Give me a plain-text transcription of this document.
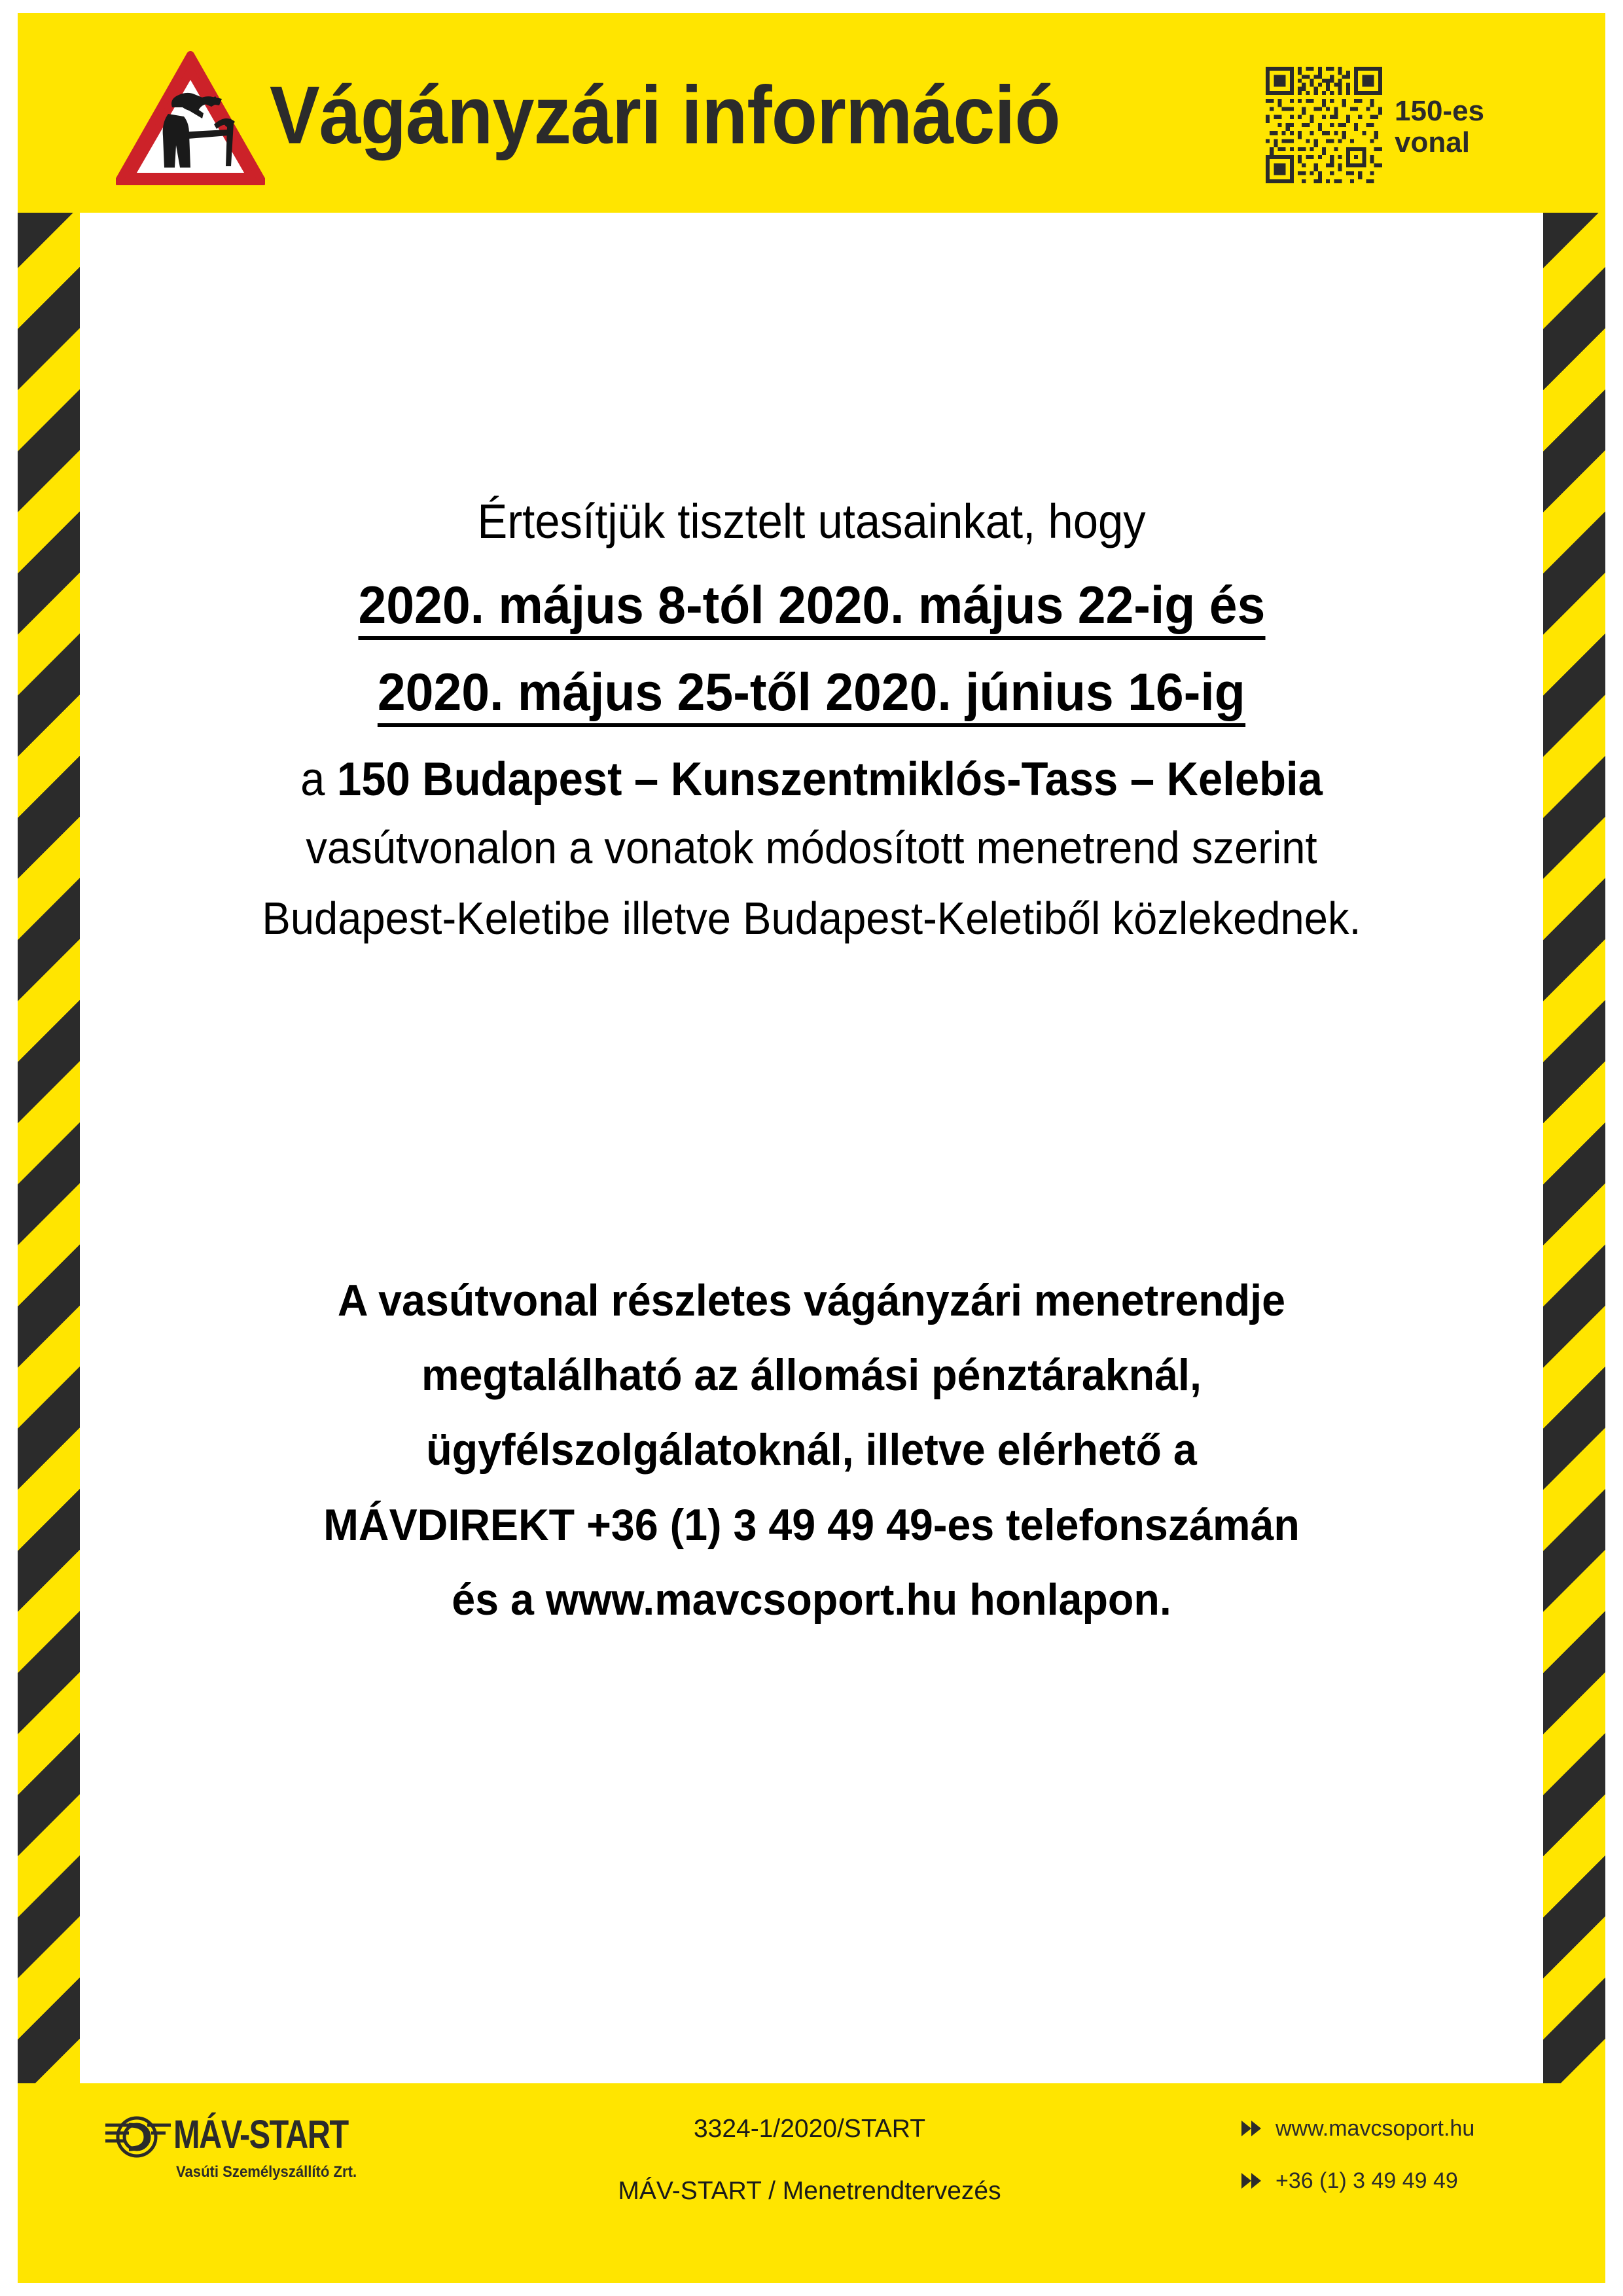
Vágányzári információ	150-es
vonal
Értesítjük tisztelt utasainkat, hogy
2020. május 8-tól 2020. május 22-ig és
2020. május 25-től 2020. június 16-ig
a 150 Budapest – Kunszentmiklós-Tass – Kelebia
vasútvonalon a vonatok módosított menetrend szerint
Budapest-Keletibe illetve Budapest-Keletiből közlekednek.
A vasútvonal részletes vágányzári menetrendje
megtalálható az állomási pénztáraknál,
ügyfélszolgálatoknál, illetve elérhető a
MÁVDIREKT +36 (1) 3 49 49 49-es telefonszámán
és a www.mavcsoport.hu honlapon.
MÁV-START
Vasúti Személyszállító Zrt.
3324-1/2020/START
MÁV-START / Menetrendtervezés
www.mavcsoport.hu
+36 (1) 3 49 49 49
